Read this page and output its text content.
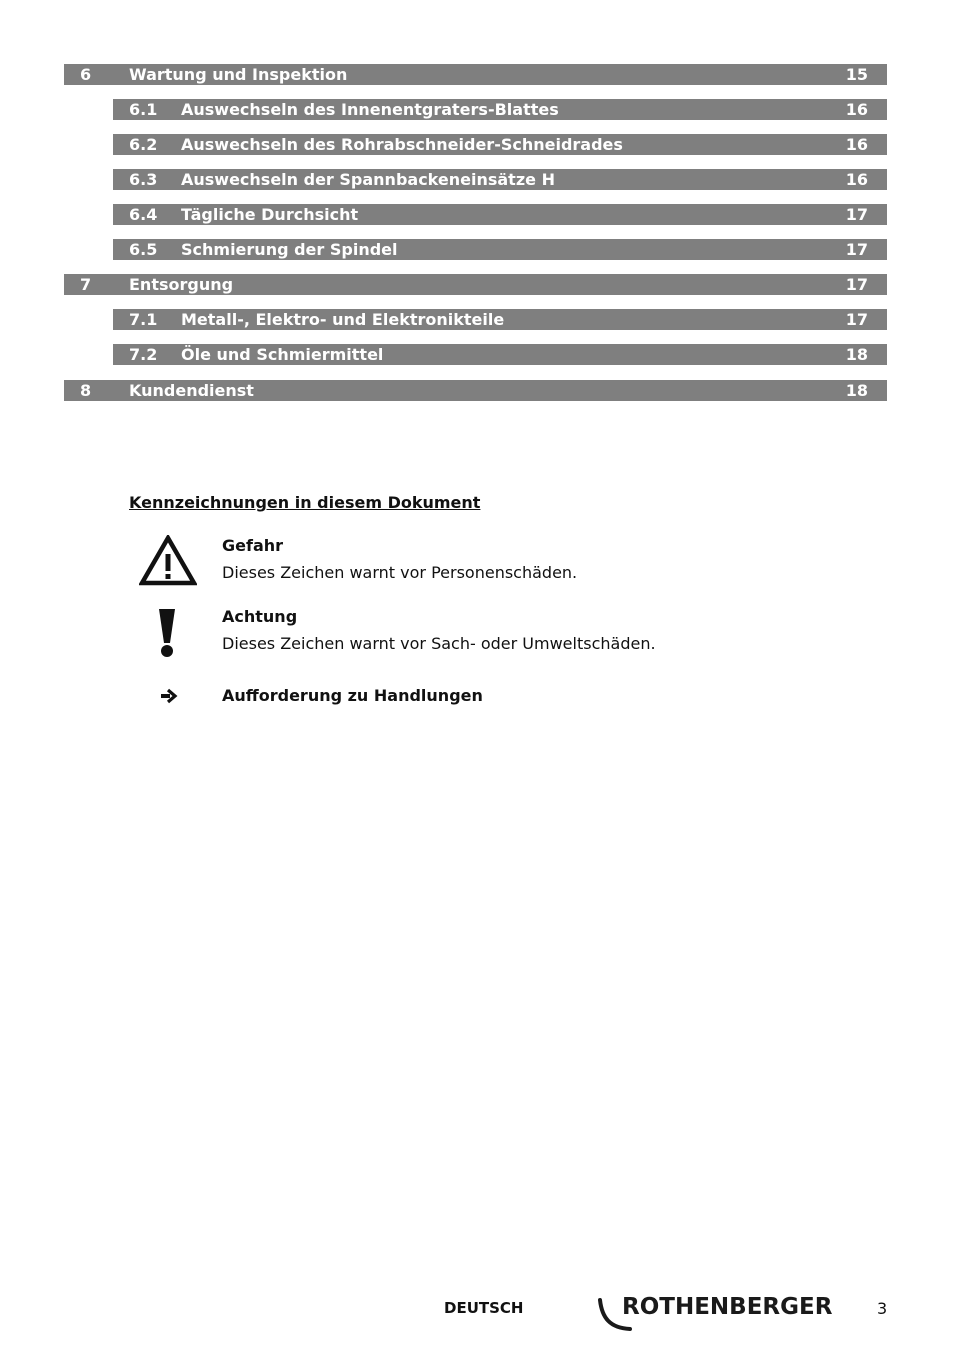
6 Wartung und Inspektion	15
6.1 Auswechseln des Innenentgraters-Blattes	16
6.2 Auswechseln des Rohrabschneider-Schneidrades	16
6.3 Auswechseln der Spannbackeneinsätze H	16
6.4 Tägliche Durchsicht	17
6.5 Schmierung der Spindel	17
7 Entsorgung	17
7.1 Metall-, Elektro- und Elektronikteile	17
7.2 Öle und Schmiermittel	18
8 Kundendienst	18
Kennzeichnungen in diesem Dokument
Gefahr
Dieses Zeichen warnt vor Personenschäden.
Achtung
Dieses Zeichen warnt vor Sach- oder Umweltschäden.
Aufforderung zu Handlungen
DEUTSCH	ROTHENBERGER	3
